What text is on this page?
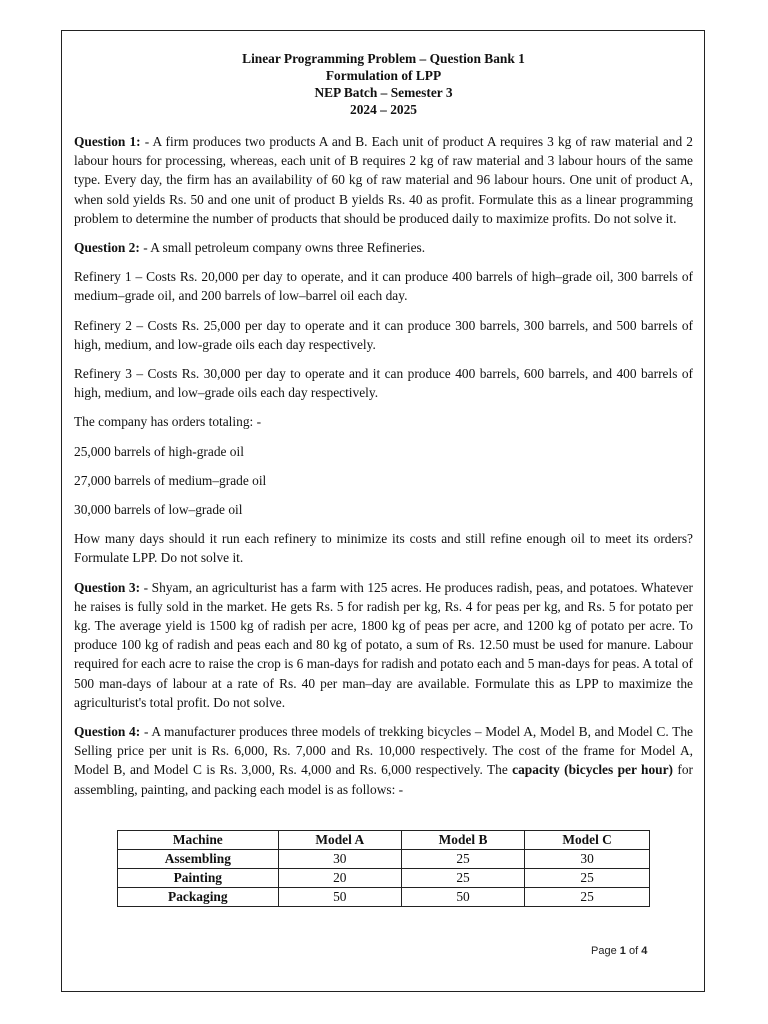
Linear Programming Problem – Question Bank 1
Formulation of LPP
NEP Batch – Semester 3
2024 – 2025

Question 1: - A firm produces two products A and B. Each unit of product A requires 3 kg of raw material and 2 labour hours for processing, whereas, each unit of B requires 2 kg of raw material and 3 labour hours of the same type. Every day, the firm has an availability of 60 kg of raw material and 96 labour hours. One unit of product A, when sold yields Rs. 50 and one unit of product B yields Rs. 40 as profit. Formulate this as a linear programming problem to determine the number of products that should be produced daily to maximize profits. Do not solve it.

Question 2: - A small petroleum company owns three Refineries.

Refinery 1 – Costs Rs. 20,000 per day to operate, and it can produce 400 barrels of high–grade oil, 300 barrels of medium–grade oil, and 200 barrels of low–barrel oil each day.

Refinery 2 – Costs Rs. 25,000 per day to operate and it can produce 300 barrels, 300 barrels, and 500 barrels of high, medium, and low-grade oils each day respectively.

Refinery 3 – Costs Rs. 30,000 per day to operate and it can produce 400 barrels, 600 barrels, and 400 barrels of high, medium, and low–grade oils each day respectively.

The company has orders totaling: -

25,000 barrels of high-grade oil

27,000 barrels of medium–grade oil

30,000 barrels of low–grade oil

How many days should it run each refinery to minimize its costs and still refine enough oil to meet its orders? Formulate LPP. Do not solve it.

Question 3: - Shyam, an agriculturist has a farm with 125 acres. He produces radish, peas, and potatoes. Whatever he raises is fully sold in the market. He gets Rs. 5 for radish per kg, Rs. 4 for peas per kg, and Rs. 5 for potato per kg. The average yield is 1500 kg of radish per acre, 1800 kg of peas per acre, and 1200 kg of potato per acre. To produce 100 kg of radish and peas each and 80 kg of potato, a sum of Rs. 12.50 must be used for manure. Labour required for each acre to raise the crop is 6 man-days for radish and potato each and 5 man-days for peas. A total of 500 man-days of labour at a rate of Rs. 40 per man–day are available. Formulate this as LPP to maximize the agriculturist's total profit. Do not solve.

Question 4: - A manufacturer produces three models of trekking bicycles – Model A, Model B, and Model C. The Selling price per unit is Rs. 6,000, Rs. 7,000 and Rs. 10,000 respectively. The cost of the frame for Model A, Model B, and Model C is Rs. 3,000, Rs. 4,000 and Rs. 6,000 respectively. The capacity (bicycles per hour) for assembling, painting, and packing each model is as follows: -

Machine	Model A	Model B	Model C
Assembling	30	25	30
Painting	20	25	25
Packaging	50	50	25
Page 1 of 4
